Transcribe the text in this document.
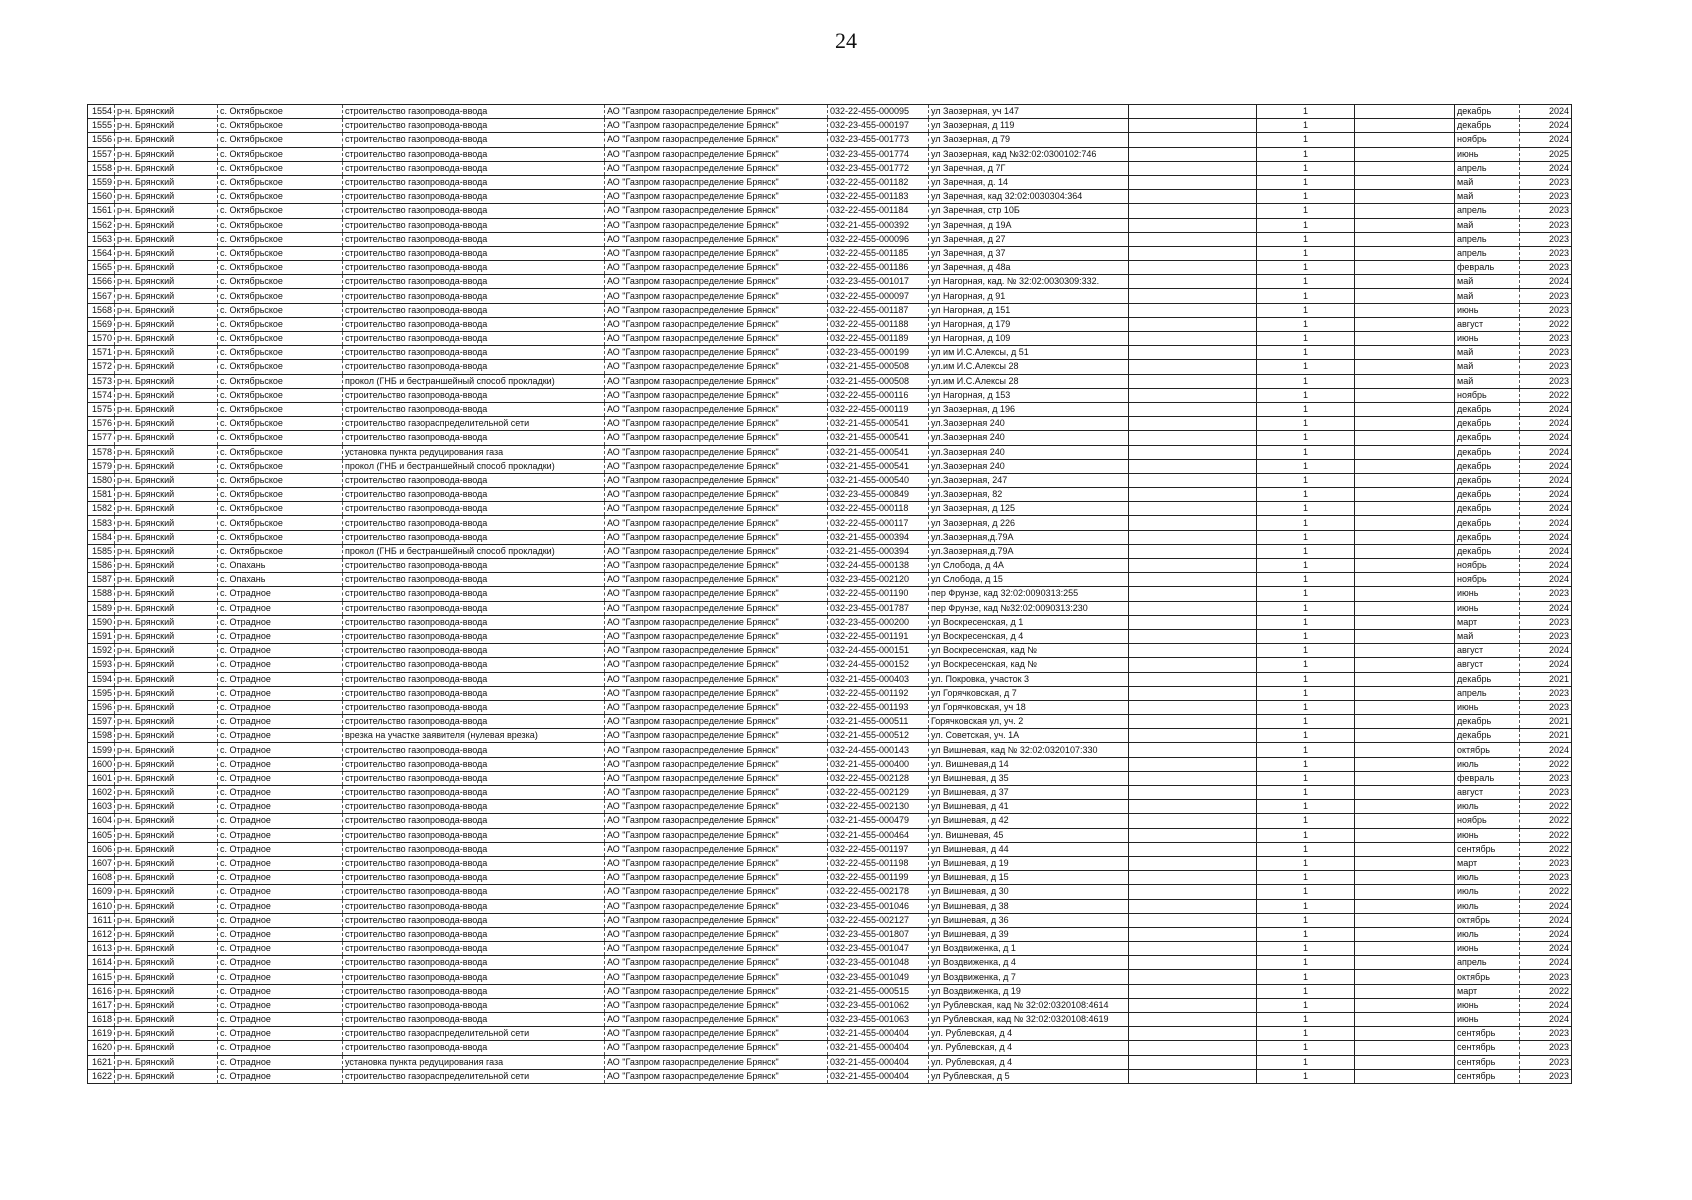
24
1554	р-н. Брянский	с. Октябрьское	строительство газопровода-ввода	АО "Газпром газораспределение Брянск"	032-22-455-000095	ул Заозерная, уч 147		1		декабрь	2024
1555	р-н. Брянский	с. Октябрьское	строительство газопровода-ввода	АО "Газпром газораспределение Брянск"	032-23-455-000197	ул Заозерная, д 119		1		декабрь	2024
1556	р-н. Брянский	с. Октябрьское	строительство газопровода-ввода	АО "Газпром газораспределение Брянск"	032-23-455-001773	ул Заозерная, д 79		1		ноябрь	2024
1557	р-н. Брянский	с. Октябрьское	строительство газопровода-ввода	АО "Газпром газораспределение Брянск"	032-23-455-001774	ул Заозерная, кад №32:02:0300102:746		1		июнь	2025
1558	р-н. Брянский	с. Октябрьское	строительство газопровода-ввода	АО "Газпром газораспределение Брянск"	032-23-455-001772	ул Заречная, д 7Г		1		апрель	2024
1559	р-н. Брянский	с. Октябрьское	строительство газопровода-ввода	АО "Газпром газораспределение Брянск"	032-22-455-001182	ул Заречная, д. 14		1		май	2023
1560	р-н. Брянский	с. Октябрьское	строительство газопровода-ввода	АО "Газпром газораспределение Брянск"	032-22-455-001183	ул Заречная, кад 32:02:0030304:364		1		май	2023
1561	р-н. Брянский	с. Октябрьское	строительство газопровода-ввода	АО "Газпром газораспределение Брянск"	032-22-455-001184	ул Заречная, стр 10Б		1		апрель	2023
1562	р-н. Брянский	с. Октябрьское	строительство газопровода-ввода	АО "Газпром газораспределение Брянск"	032-21-455-000392	ул Заречная, д 19А		1		май	2023
1563	р-н. Брянский	с. Октябрьское	строительство газопровода-ввода	АО "Газпром газораспределение Брянск"	032-22-455-000096	ул Заречная, д 27		1		апрель	2023
1564	р-н. Брянский	с. Октябрьское	строительство газопровода-ввода	АО "Газпром газораспределение Брянск"	032-22-455-001185	ул Заречная, д 37		1		апрель	2023
1565	р-н. Брянский	с. Октябрьское	строительство газопровода-ввода	АО "Газпром газораспределение Брянск"	032-22-455-001186	ул Заречная, д 48а		1		февраль	2023
1566	р-н. Брянский	с. Октябрьское	строительство газопровода-ввода	АО "Газпром газораспределение Брянск"	032-23-455-001017	ул Нагорная, кад. № 32:02:0030309:332.		1		май	2024
1567	р-н. Брянский	с. Октябрьское	строительство газопровода-ввода	АО "Газпром газораспределение Брянск"	032-22-455-000097	ул Нагорная, д 91		1		май	2023
1568	р-н. Брянский	с. Октябрьское	строительство газопровода-ввода	АО "Газпром газораспределение Брянск"	032-22-455-001187	ул Нагорная, д 151		1		июнь	2023
1569	р-н. Брянский	с. Октябрьское	строительство газопровода-ввода	АО "Газпром газораспределение Брянск"	032-22-455-001188	ул Нагорная, д 179		1		август	2022
1570	р-н. Брянский	с. Октябрьское	строительство газопровода-ввода	АО "Газпром газораспределение Брянск"	032-22-455-001189	ул Нагорная, д 109		1		июнь	2023
1571	р-н. Брянский	с. Октябрьское	строительство газопровода-ввода	АО "Газпром газораспределение Брянск"	032-23-455-000199	ул им И.С.Алексы, д 51		1		май	2023
1572	р-н. Брянский	с. Октябрьское	строительство газопровода-ввода	АО "Газпром газораспределение Брянск"	032-21-455-000508	ул.им И.С.Алексы 28		1		май	2023
1573	р-н. Брянский	с. Октябрьское	прокол (ГНБ и бестраншейный способ прокладки)	АО "Газпром газораспределение Брянск"	032-21-455-000508	ул.им И.С.Алексы 28		1		май	2023
1574	р-н. Брянский	с. Октябрьское	строительство газопровода-ввода	АО "Газпром газораспределение Брянск"	032-22-455-000116	ул Нагорная, д 153		1		ноябрь	2022
1575	р-н. Брянский	с. Октябрьское	строительство газопровода-ввода	АО "Газпром газораспределение Брянск"	032-22-455-000119	ул Заозерная, д 196		1		декабрь	2024
1576	р-н. Брянский	с. Октябрьское	строительство газораспределительной сети	АО "Газпром газораспределение Брянск"	032-21-455-000541	ул.Заозерная 240		1		декабрь	2024
1577	р-н. Брянский	с. Октябрьское	строительство газопровода-ввода	АО "Газпром газораспределение Брянск"	032-21-455-000541	ул.Заозерная 240		1		декабрь	2024
1578	р-н. Брянский	с. Октябрьское	установка пункта редуцирования газа	АО "Газпром газораспределение Брянск"	032-21-455-000541	ул.Заозерная 240		1		декабрь	2024
1579	р-н. Брянский	с. Октябрьское	прокол (ГНБ и бестраншейный способ прокладки)	АО "Газпром газораспределение Брянск"	032-21-455-000541	ул.Заозерная 240		1		декабрь	2024
1580	р-н. Брянский	с. Октябрьское	строительство газопровода-ввода	АО "Газпром газораспределение Брянск"	032-21-455-000540	ул.Заозерная, 247		1		декабрь	2024
1581	р-н. Брянский	с. Октябрьское	строительство газопровода-ввода	АО "Газпром газораспределение Брянск"	032-23-455-000849	ул.Заозерная, 82		1		декабрь	2024
1582	р-н. Брянский	с. Октябрьское	строительство газопровода-ввода	АО "Газпром газораспределение Брянск"	032-22-455-000118	ул Заозерная, д 125		1		декабрь	2024
1583	р-н. Брянский	с. Октябрьское	строительство газопровода-ввода	АО "Газпром газораспределение Брянск"	032-22-455-000117	ул Заозерная, д 226		1		декабрь	2024
1584	р-н. Брянский	с. Октябрьское	строительство газопровода-ввода	АО "Газпром газораспределение Брянск"	032-21-455-000394	ул.Заозерная,д.79А		1		декабрь	2024
1585	р-н. Брянский	с. Октябрьское	прокол (ГНБ и бестраншейный способ прокладки)	АО "Газпром газораспределение Брянск"	032-21-455-000394	ул.Заозерная,д.79А		1		декабрь	2024
1586	р-н. Брянский	с. Опахань	строительство газопровода-ввода	АО "Газпром газораспределение Брянск"	032-24-455-000138	ул Слобода, д 4А		1		ноябрь	2024
1587	р-н. Брянский	с. Опахань	строительство газопровода-ввода	АО "Газпром газораспределение Брянск"	032-23-455-002120	ул Слобода, д 15		1		ноябрь	2024
1588	р-н. Брянский	с. Отрадное	строительство газопровода-ввода	АО "Газпром газораспределение Брянск"	032-22-455-001190	пер Фрунзе, кад 32:02:0090313:255		1		июнь	2023
1589	р-н. Брянский	с. Отрадное	строительство газопровода-ввода	АО "Газпром газораспределение Брянск"	032-23-455-001787	пер Фрунзе, кад №32:02:0090313:230		1		июнь	2024
1590	р-н. Брянский	с. Отрадное	строительство газопровода-ввода	АО "Газпром газораспределение Брянск"	032-23-455-000200	ул Воскресенская, д 1		1		март	2023
1591	р-н. Брянский	с. Отрадное	строительство газопровода-ввода	АО "Газпром газораспределение Брянск"	032-22-455-001191	ул Воскресенская, д 4		1		май	2023
1592	р-н. Брянский	с. Отрадное	строительство газопровода-ввода	АО "Газпром газораспределение Брянск"	032-24-455-000151	ул Воскресенская, кад №		1		август	2024
1593	р-н. Брянский	с. Отрадное	строительство газопровода-ввода	АО "Газпром газораспределение Брянск"	032-24-455-000152	ул Воскресенская, кад №		1		август	2024
1594	р-н. Брянский	с. Отрадное	строительство газопровода-ввода	АО "Газпром газораспределение Брянск"	032-21-455-000403	ул. Покровка, участок 3		1		декабрь	2021
1595	р-н. Брянский	с. Отрадное	строительство газопровода-ввода	АО "Газпром газораспределение Брянск"	032-22-455-001192	ул Горячковская, д 7		1		апрель	2023
1596	р-н. Брянский	с. Отрадное	строительство газопровода-ввода	АО "Газпром газораспределение Брянск"	032-22-455-001193	ул Горячковская, уч 18		1		июнь	2023
1597	р-н. Брянский	с. Отрадное	строительство газопровода-ввода	АО "Газпром газораспределение Брянск"	032-21-455-000511	Горячковская ул, уч. 2		1		декабрь	2021
1598	р-н. Брянский	с. Отрадное	врезка на участке заявителя (нулевая врезка)	АО "Газпром газораспределение Брянск"	032-21-455-000512	ул. Советская, уч. 1А		1		декабрь	2021
1599	р-н. Брянский	с. Отрадное	строительство газопровода-ввода	АО "Газпром газораспределение Брянск"	032-24-455-000143	ул Вишневая, кад № 32:02:0320107:330		1		октябрь	2024
1600	р-н. Брянский	с. Отрадное	строительство газопровода-ввода	АО "Газпром газораспределение Брянск"	032-21-455-000400	ул. Вишневая,д 14		1		июль	2022
1601	р-н. Брянский	с. Отрадное	строительство газопровода-ввода	АО "Газпром газораспределение Брянск"	032-22-455-002128	ул Вишневая, д 35		1		февраль	2023
1602	р-н. Брянский	с. Отрадное	строительство газопровода-ввода	АО "Газпром газораспределение Брянск"	032-22-455-002129	ул Вишневая, д 37		1		август	2023
1603	р-н. Брянский	с. Отрадное	строительство газопровода-ввода	АО "Газпром газораспределение Брянск"	032-22-455-002130	ул Вишневая, д 41		1		июль	2022
1604	р-н. Брянский	с. Отрадное	строительство газопровода-ввода	АО "Газпром газораспределение Брянск"	032-21-455-000479	ул Вишневая, д 42		1		ноябрь	2022
1605	р-н. Брянский	с. Отрадное	строительство газопровода-ввода	АО "Газпром газораспределение Брянск"	032-21-455-000464	ул. Вишневая, 45		1		июнь	2022
1606	р-н. Брянский	с. Отрадное	строительство газопровода-ввода	АО "Газпром газораспределение Брянск"	032-22-455-001197	ул Вишневая, д 44		1		сентябрь	2022
1607	р-н. Брянский	с. Отрадное	строительство газопровода-ввода	АО "Газпром газораспределение Брянск"	032-22-455-001198	ул Вишневая, д 19		1		март	2023
1608	р-н. Брянский	с. Отрадное	строительство газопровода-ввода	АО "Газпром газораспределение Брянск"	032-22-455-001199	ул Вишневая, д 15		1		июль	2023
1609	р-н. Брянский	с. Отрадное	строительство газопровода-ввода	АО "Газпром газораспределение Брянск"	032-22-455-002178	ул Вишневая, д 30		1		июль	2022
1610	р-н. Брянский	с. Отрадное	строительство газопровода-ввода	АО "Газпром газораспределение Брянск"	032-23-455-001046	ул Вишневая, д 38		1		июль	2024
1611	р-н. Брянский	с. Отрадное	строительство газопровода-ввода	АО "Газпром газораспределение Брянск"	032-22-455-002127	ул Вишневая, д 36		1		октябрь	2024
1612	р-н. Брянский	с. Отрадное	строительство газопровода-ввода	АО "Газпром газораспределение Брянск"	032-23-455-001807	ул Вишневая, д 39		1		июль	2024
1613	р-н. Брянский	с. Отрадное	строительство газопровода-ввода	АО "Газпром газораспределение Брянск"	032-23-455-001047	ул Воздвиженка, д 1		1		июнь	2024
1614	р-н. Брянский	с. Отрадное	строительство газопровода-ввода	АО "Газпром газораспределение Брянск"	032-23-455-001048	ул Воздвиженка, д 4		1		апрель	2024
1615	р-н. Брянский	с. Отрадное	строительство газопровода-ввода	АО "Газпром газораспределение Брянск"	032-23-455-001049	ул Воздвиженка, д 7		1		октябрь	2023
1616	р-н. Брянский	с. Отрадное	строительство газопровода-ввода	АО "Газпром газораспределение Брянск"	032-21-455-000515	ул Воздвиженка, д 19		1		март	2022
1617	р-н. Брянский	с. Отрадное	строительство газопровода-ввода	АО "Газпром газораспределение Брянск"	032-23-455-001062	ул Рублевская, кад № 32:02:0320108:4614		1		июнь	2024
1618	р-н. Брянский	с. Отрадное	строительство газопровода-ввода	АО "Газпром газораспределение Брянск"	032-23-455-001063	ул Рублевская, кад № 32:02:0320108:4619		1		июнь	2024
1619	р-н. Брянский	с. Отрадное	строительство газораспределительной сети	АО "Газпром газораспределение Брянск"	032-21-455-000404	ул. Рублевская, д 4		1		сентябрь	2023
1620	р-н. Брянский	с. Отрадное	строительство газопровода-ввода	АО "Газпром газораспределение Брянск"	032-21-455-000404	ул. Рублевская, д 4		1		сентябрь	2023
1621	р-н. Брянский	с. Отрадное	установка пункта редуцирования газа	АО "Газпром газораспределение Брянск"	032-21-455-000404	ул. Рублевская, д 4		1		сентябрь	2023
1622	р-н. Брянский	с. Отрадное	строительство газораспределительной сети	АО "Газпром газораспределение Брянск"	032-21-455-000404	ул Рублевская, д 5		1		сентябрь	2023
